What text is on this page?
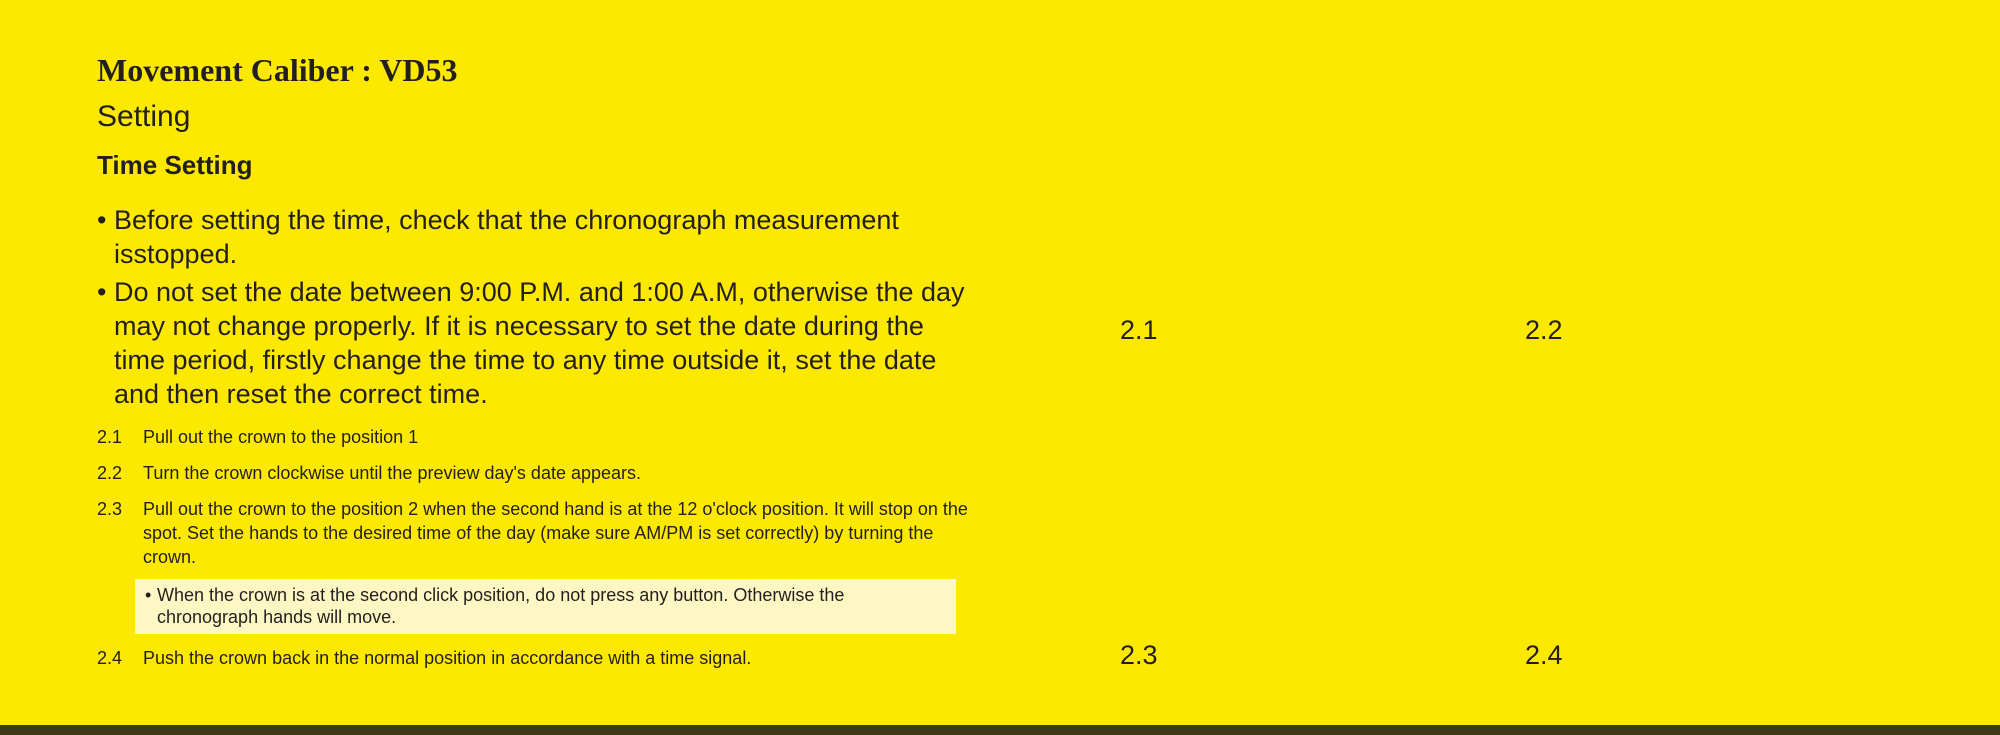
Movement Caliber : VD53
Setting
Time Setting
• Before setting the time, check that the chronograph measurement isstopped.
• Do not set the date between 9:00 P.M. and 1:00 A.M, otherwise the day may not change properly. If it is necessary to set the date during the time period, firstly change the time to any time outside it, set the date and then reset the correct time.
2.1 Pull out the crown to the position 1
2.2 Turn the crown clockwise until the preview day's date appears.
2.3 Pull out the crown to the position 2 when the second hand is at the 12 o'clock position. It will stop on the spot. Set the hands to the desired time of the day (make sure AM/PM is set correctly) by turning the crown.
• When the crown is at the second click position, do not press any button. Otherwise the chronograph hands will move.
2.4 Push the crown back in the normal position in accordance with a time signal.
2.1	2.2
2.3	2.4
